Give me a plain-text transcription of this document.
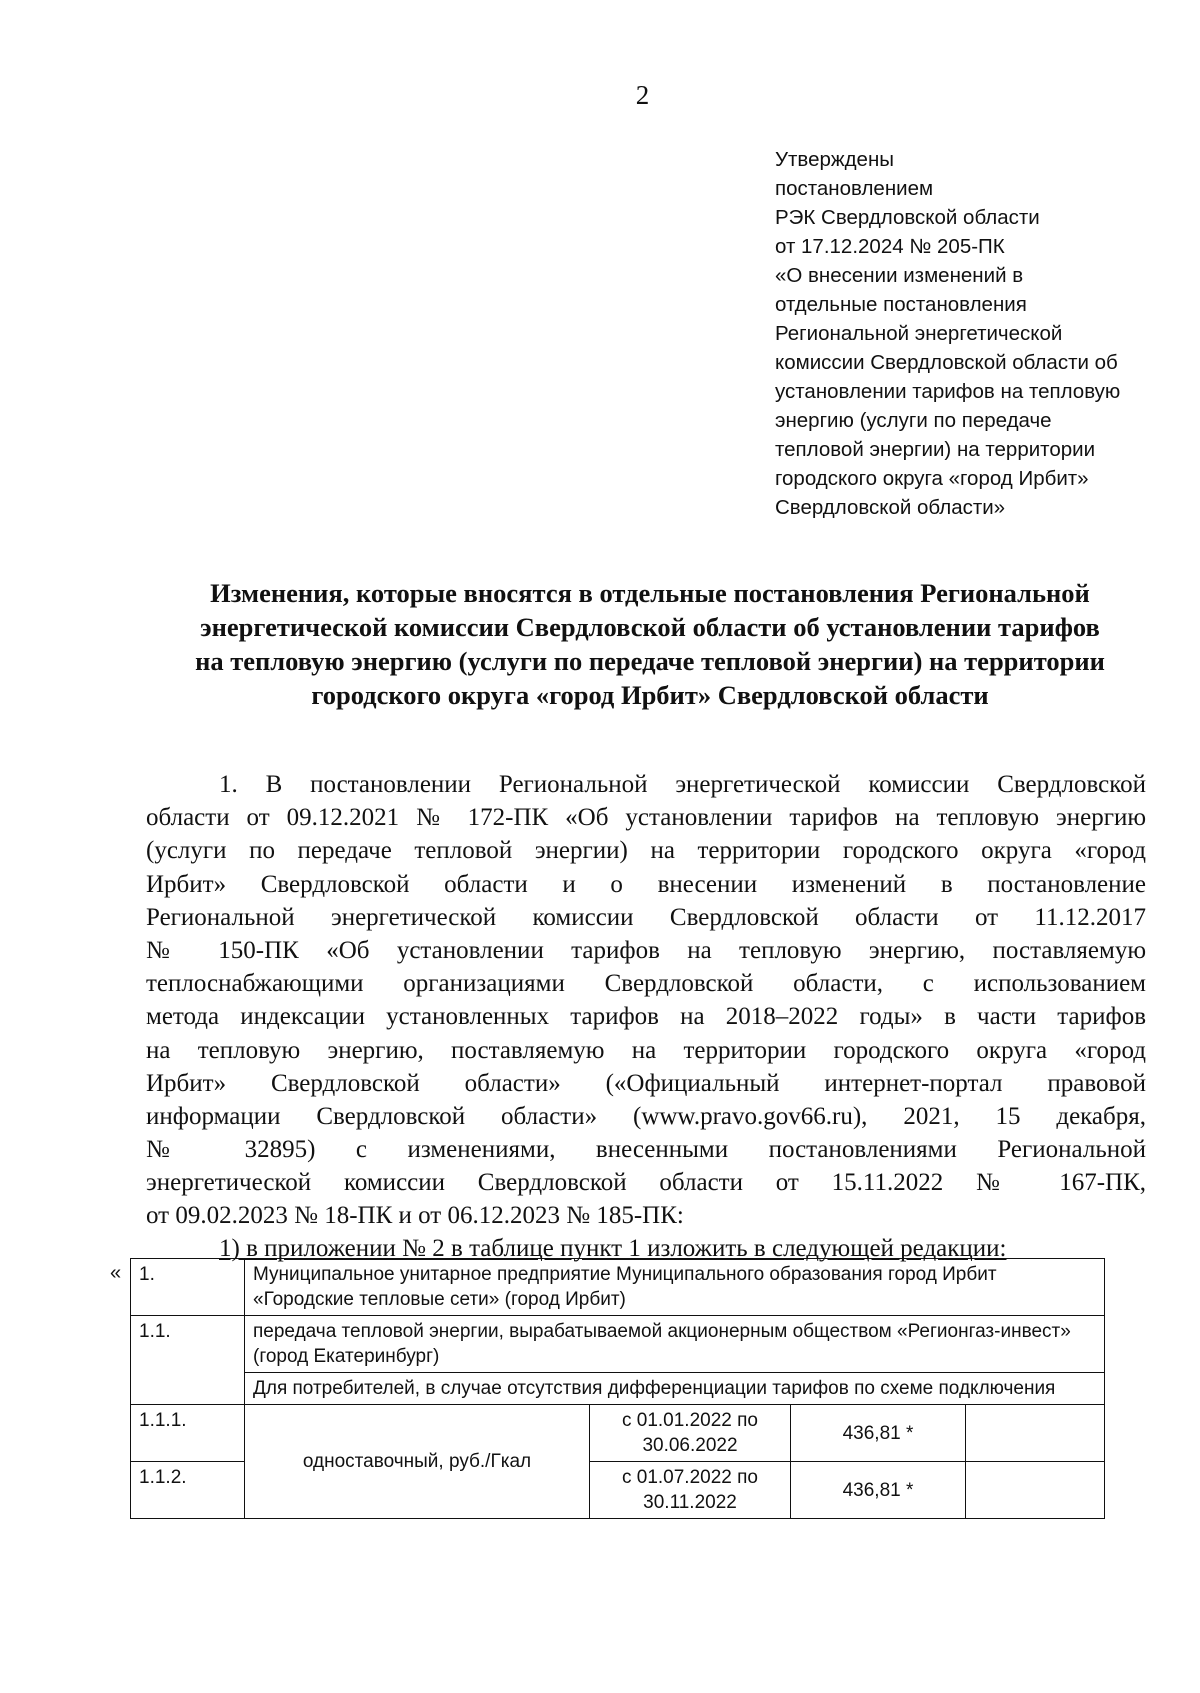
2
Утверждены
постановлением
РЭК Свердловской области
от 17.12.2024 № 205-ПК
«О внесении изменений в
отдельные постановления
Региональной энергетической
комиссии Свердловской области об
установлении тарифов на тепловую
энергию (услуги по передаче
тепловой энергии) на территории
городского округа «город Ирбит»
Свердловской области»
Изменения, которые вносятся в отдельные постановления Региональной
энергетической комиссии Свердловской области об установлении тарифов
на тепловую энергию (услуги по передаче тепловой энергии) на территории
городского округа «город Ирбит» Свердловской области
1. В постановлении Региональной энергетической комиссии Свердловской
области от 09.12.2021 № 172-ПК «Об установлении тарифов на тепловую энергию
(услуги по передаче тепловой энергии) на территории городского округа «город
Ирбит» Свердловской области и о внесении изменений в постановление
Региональной энергетической комиссии Свердловской области от 11.12.2017
№ 150-ПК «Об установлении тарифов на тепловую энергию, поставляемую
теплоснабжающими организациями Свердловской области, с использованием
метода индексации установленных тарифов на 2018–2022 годы» в части тарифов
на тепловую энергию, поставляемую на территории городского округа «город
Ирбит» Свердловской области» («Официальный интернет-портал правовой
информации Свердловской области» (www.pravo.gov66.ru), 2021, 15 декабря,
№ 32895) с изменениями, внесенными постановлениями Региональной
энергетической комиссии Свердловской области от 15.11.2022 № 167-ПК,
от 09.02.2023 № 18-ПК и от 06.12.2023 № 185-ПК:
1) в приложении № 2 в таблице пункт 1 изложить в следующей редакции:
« 1.	Муниципальное унитарное предприятие Муниципального образования город Ирбит «Городские тепловые сети» (город Ирбит)			
1.1.	передача тепловой энергии, вырабатываемой акционерным обществом «Регионгаз-инвест» (город Екатеринбург)			
	Для потребителей, в случае отсутствия дифференциации тарифов по схеме подключения			
1.1.1.	одноставочный, руб./Гкал	с 01.01.2022 по 30.06.2022	436,81 *	
1.1.2.		с 01.07.2022 по 30.11.2022	436,81 *	
